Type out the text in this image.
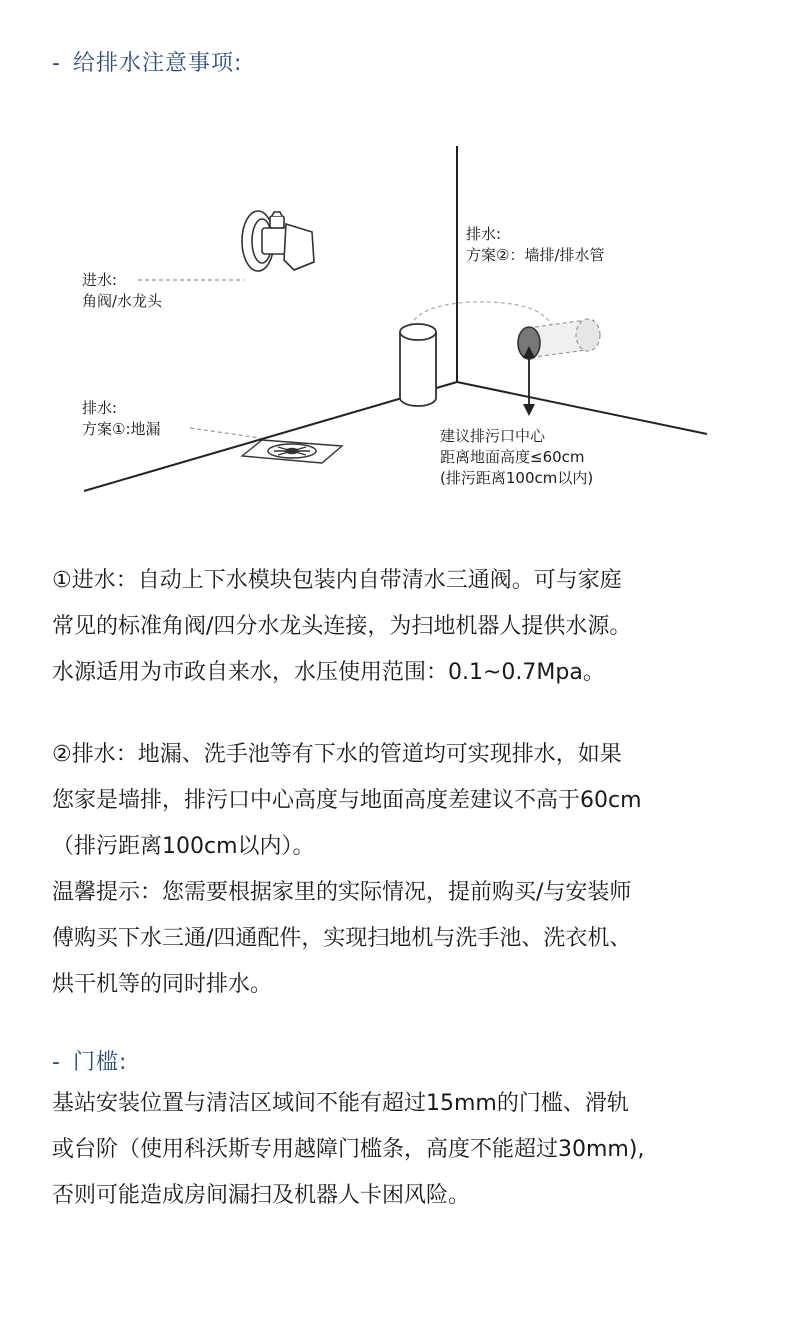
- 给排水注意事项:
进水:
角阀/水龙头
排水:
方案②：墙排/排水管
排水:
方案①:地漏	建议排污口中心
距离地面高度≤60cm
(排污距离100cm以内)
①进水：自动上下水模块包装内自带清水三通阀。可与家庭
常见的标准角阀/四分水龙头连接，为扫地机器人提供水源。
水源适用为市政自来水，水压使用范围：0.1~0.7Mpa。
②排水：地漏、洗手池等有下水的管道均可实现排水，如果
您家是墙排，排污口中心高度与地面高度差建议不高于60cm
（排污距离100cm以内）。
温馨提示：您需要根据家里的实际情况，提前购买/与安装师
傅购买下水三通/四通配件，实现扫地机与洗手池、洗衣机、
烘干机等的同时排水。
- 门槛:
基站安装位置与清洁区域间不能有超过15mm的门槛、滑轨
或台阶（使用科沃斯专用越障门槛条，高度不能超过30mm),
否则可能造成房间漏扫及机器人卡困风险。
